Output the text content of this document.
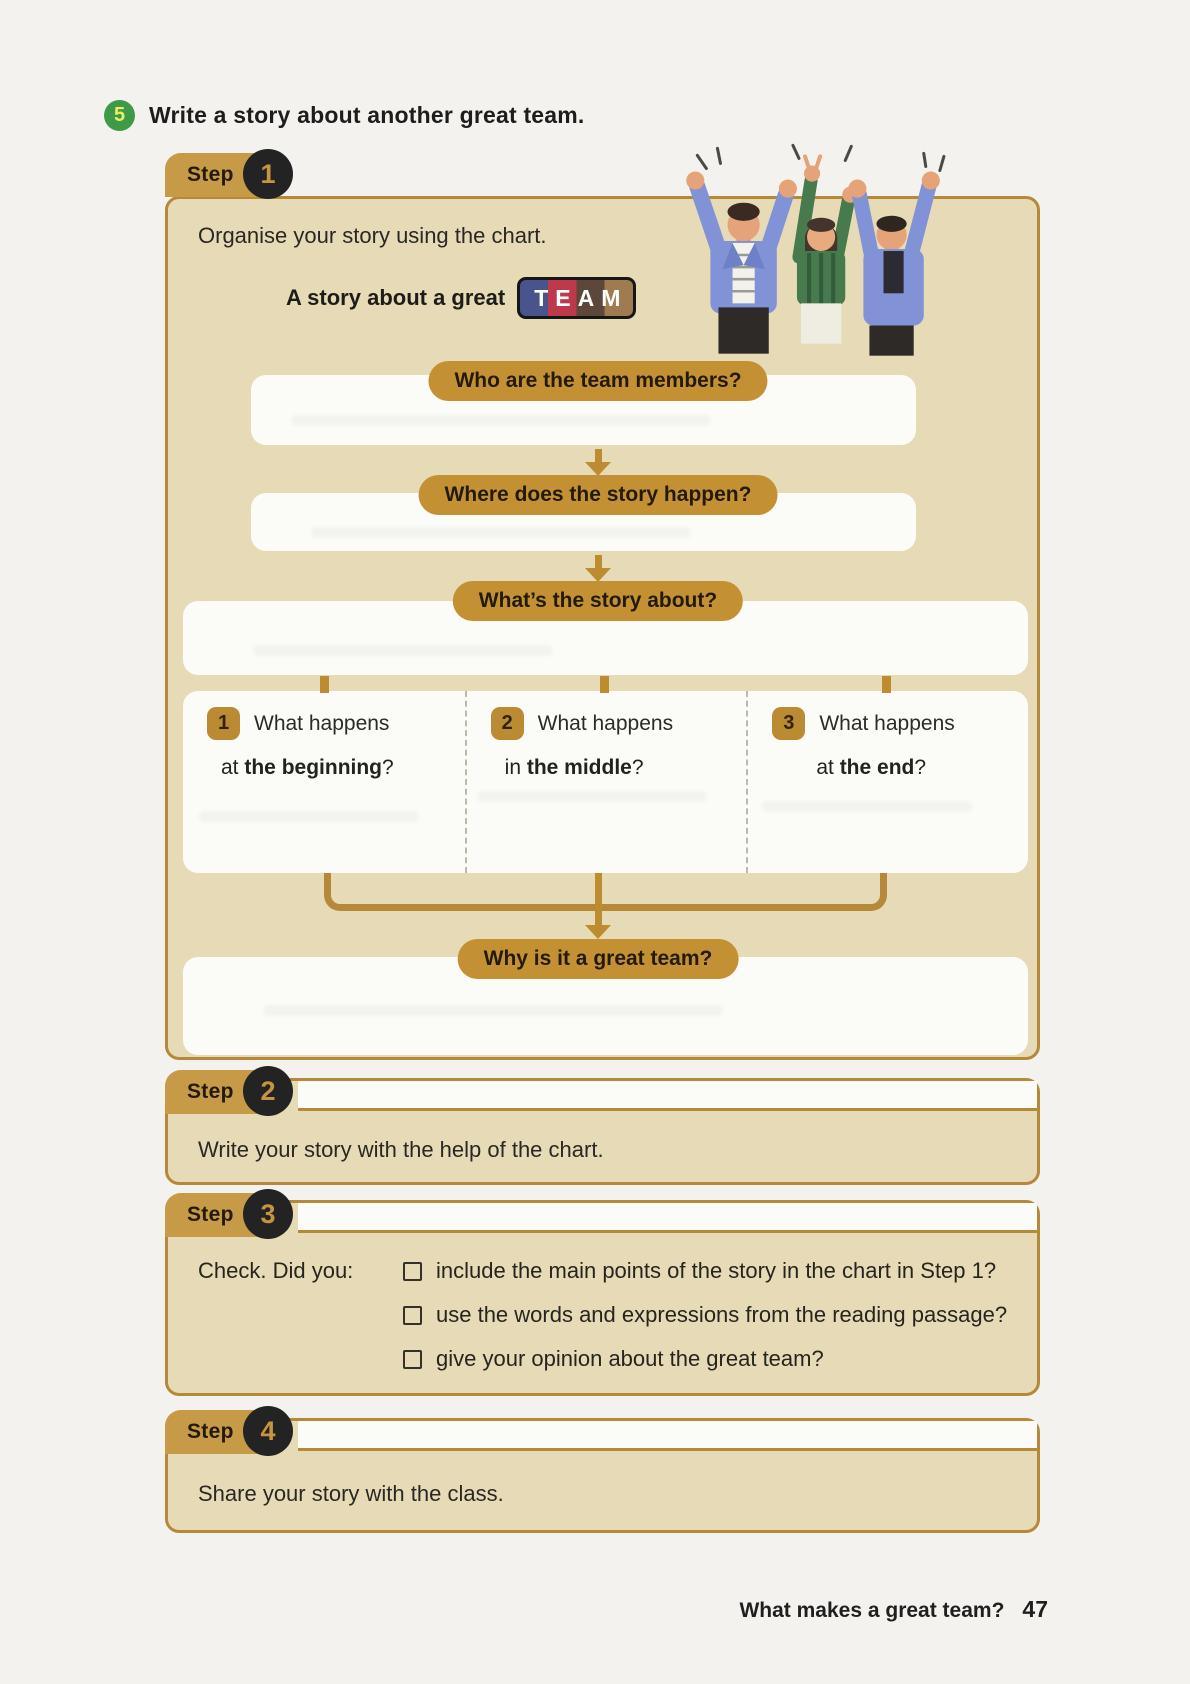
5	Write a story about another great team.
Step 1
Organise your story using the chart.
A story about a great	TEAM
Who are the team members?
Where does the story happen?
What’s the story about?
1	What happens
at the beginning?
2	What happens
in the middle?
3	What happens
at the end?
Why is it a great team?
Step 2
Write your story with the help of the chart.
Step 3
Check. Did you:	include the main points of the story in the chart in Step 1?
use the words and expressions from the reading passage?
give your opinion about the great team?
Step 4
Share your story with the class.
What makes a great team? 47
